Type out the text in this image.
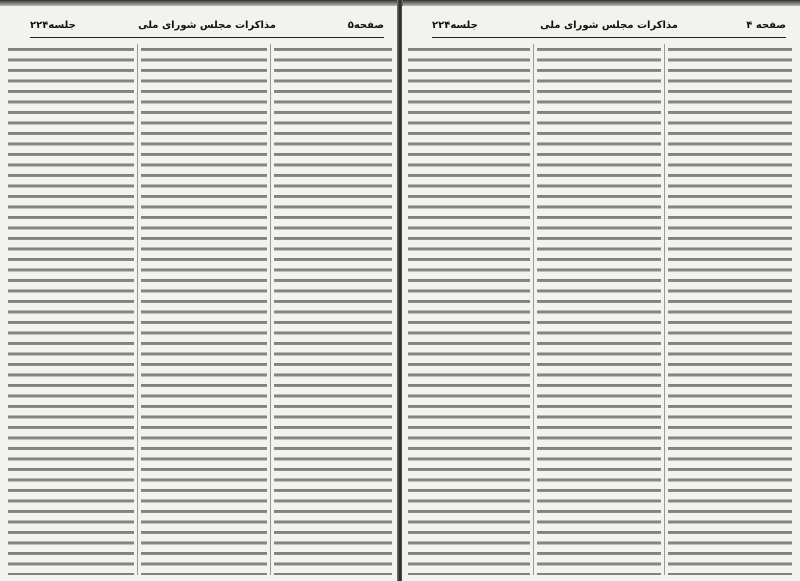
صفحه۵
مذاکرات مجلس شورای ملی
جلسه۲۲۴	صفحه ۴
مذاکرات مجلس شورای ملی
جلسه۲۲۴
